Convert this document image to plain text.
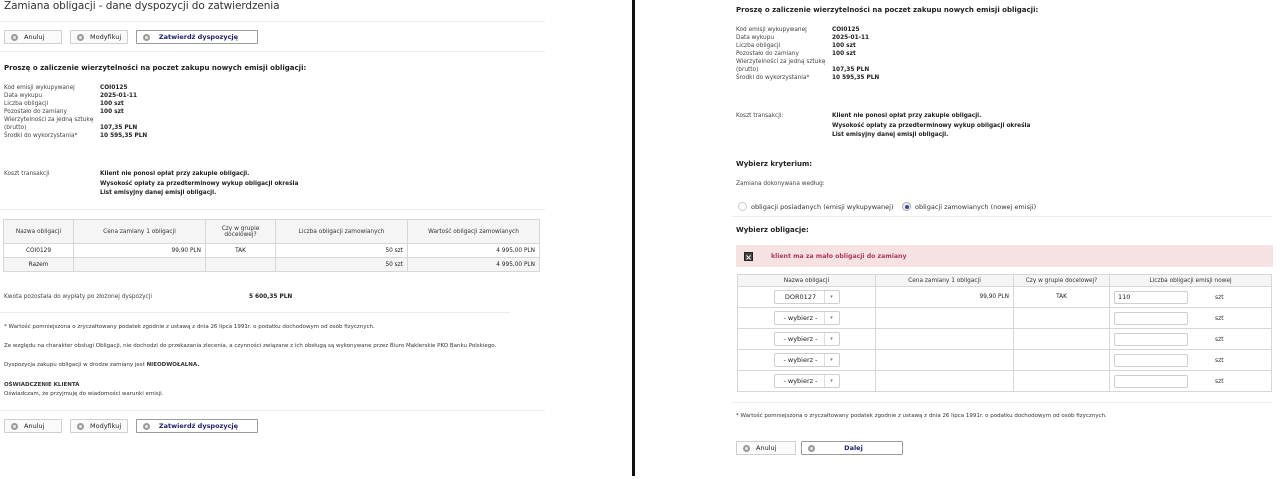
Zamiana obligacji - dane dyspozycji do zatwierdzenia
Anuluj	Modyfikuj	Zatwierdź dyspozycję
Proszę o zaliczenie wierzytelności na poczet zakupu nowych emisji obligacji:
Kod emisji wykupywanej	COI0125
Data wykupu	2025-01-11
Liczba obligacji	100 szt
Pozostało do zamiany	100 szt
Wierzytelności za jedną sztukę
(brutto)	107,35 PLN
Środki do wykorzystania*	10 595,35 PLN
Koszt transakcji	Klient nie ponosi opłat przy zakupie obligacji.
Wysokość opłaty za przedterminowy wykup obligacji określa
List emisyjny danej emisji obligacji.
Nazwa obligacji	Cena zamiany 1 obligacji	Czy w grupie docelowej?	Liczba obligacji zamowianych	Wartość obligacji zamowianych
COI0129	99,90 PLN	TAK	50 szt	4 995,00 PLN
Razem			50 szt	4 995,00 PLN
Kwota pozostała do wypłaty po złożonej dyspozycji	5 600,35 PLN
* Wartość pomniejszona o zryczałtowany podatek zgodnie z ustawą z dnia 26 lipca 1991r. o podatku dochodowym od osób fizycznych.
Ze względu na charakter obsługi Obligacji, nie dochodzi do przekazania zlecenia, a czynności związane z ich obsługą są wykonywane przez Biuro Maklerskie PKO Banku Polskiego.
Dyspozycja zakupu obligacji w drodze zamiany jest NIEODWOŁALNA.
OŚWIADCZENIE KLIENTA
Oświadczam, że przyjmuję do wiadomości warunki emisji.
Anuluj	Modyfikuj	Zatwierdź dyspozycję
Proszę o zaliczenie wierzytelności na poczet zakupu nowych emisji obligacji:
Kod emisji wykupywanej	COI0125
Data wykupu	2025-01-11
Liczba obligacji	100 szt
Pozostało do zamiany	100 szt
Wierzytelności za jedną sztukę
(brutto)	107,35 PLN
Środki do wykorzystania*	10 595,35 PLN
Koszt transakcji:	Klient nie ponosi opłat przy zakupie obligacji.
Wysokość opłaty za przedterminowy wykup obligacji określa
List emisyjny danej emisji obligacji.
Wybierz kryterium:
Zamiana dokonywana według:
obligacji posiadanych (emisji wykupywanej)	obligacji zamowianych (nowej emisji)
Wybierz obligacje:
×	klient ma za mało obligacji do zamiany
Nazwa obligacji	Cena zamiany 1 obligacji	Czy w grupie docelowej?	Liczba obligacji emisji nowej

DOR0127 ▾	99,90 PLN	TAK	110 szt

- wybierz - ▾			szt

- wybierz - ▾			szt

- wybierz - ▾			szt

- wybierz - ▾			szt
* Wartość pomniejszona o zryczałtowany podatek zgodnie z ustawą z dnia 26 lipca 1991r. o podatku dochodowym od osób fizycznych.
Anuluj	Dalej
